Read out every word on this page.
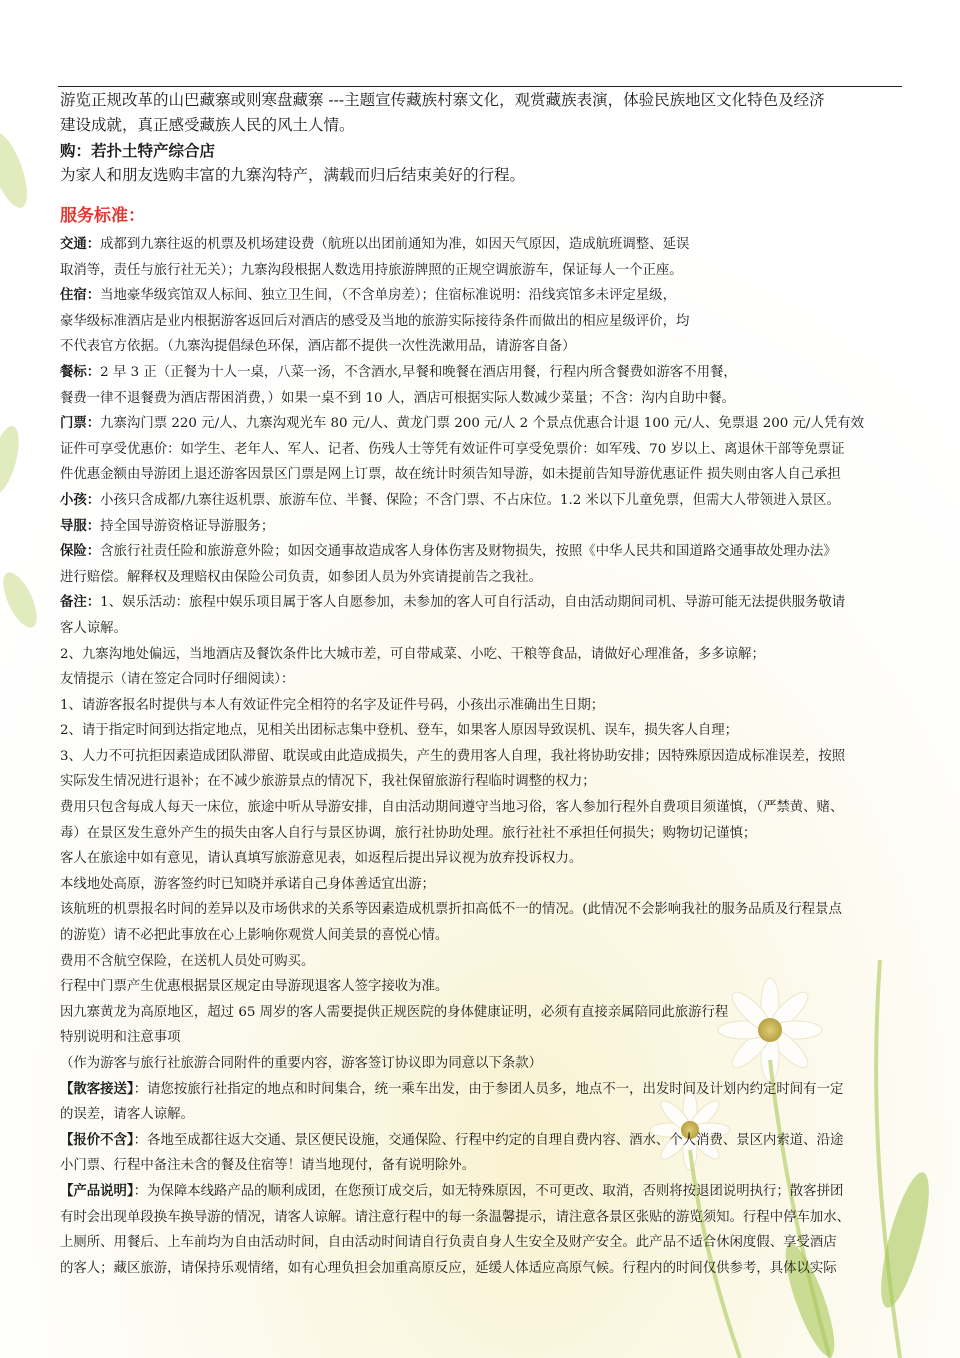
游览正规改革的山巴藏寨或则寒盘藏寨 ---主题宣传藏族村寨文化，观赏藏族表演，体验民族地区文化特色及经济

建设成就，真正感受藏族人民的风土人情。

购：若扑土特产综合店

为家人和朋友选购丰富的九寨沟特产，满载而归后结束美好的行程。

服务标准：

交通：成都到九寨往返的机票及机场建设费（航班以出团前通知为准，如因天气原因，造成航班调整、延误

取消等，责任与旅行社无关）；九寨沟段根据人数选用持旅游牌照的正规空调旅游车，保证每人一个正座。

住宿：当地豪华级宾馆双人标间、独立卫生间，（不含单房差）；住宿标准说明：沿线宾馆多未评定星级，

豪华级标准酒店是业内根据游客返回后对酒店的感受及当地的旅游实际接待条件而做出的相应星级评价，均

不代表官方依据。（九寨沟提倡绿色环保，酒店都不提供一次性洗漱用品，请游客自备）

餐标：2 早 3 正（正餐为十人一桌，八菜一汤，不含酒水,早餐和晚餐在酒店用餐，行程内所含餐费如游客不用餐，

餐费一律不退餐费为酒店帮困消费，）如果一桌不到 10 人，酒店可根据实际人数减少菜量；不含：沟内自助中餐。

门票：九寨沟门票 220 元/人、九寨沟观光车 80 元/人、黄龙门票 200 元/人 2 个景点优惠合计退 100 元/人、免票退 200 元/人凭有效

证件可享受优惠价：如学生、老年人、军人、记者、伤残人士等凭有效证件可享受免票价：如军残、70 岁以上、离退休干部等免票证

件优惠金额由导游团上退还游客因景区门票是网上订票，故在统计时须告知导游，如未提前告知导游优惠证件 损失则由客人自己承担

小孩：小孩只含成都/九寨往返机票、旅游车位、半餐、保险；不含门票、不占床位。1.2 米以下儿童免票，但需大人带领进入景区。

导服：持全国导游资格证导游服务；

保险：含旅行社责任险和旅游意外险；如因交通事故造成客人身体伤害及财物损失，按照《中华人民共和国道路交通事故处理办法》

进行赔偿。解释权及理赔权由保险公司负责，如参团人员为外宾请提前告之我社。

备注：1、娱乐活动：旅程中娱乐项目属于客人自愿参加，未参加的客人可自行活动，自由活动期间司机、导游可能无法提供服务敬请

客人谅解。

2、九寨沟地处偏远，当地酒店及餐饮条件比大城市差，可自带咸菜、小吃、干粮等食品，请做好心理准备，多多谅解；

友情提示（请在签定合同时仔细阅读）：

1、请游客报名时提供与本人有效证件完全相符的名字及证件号码，小孩出示准确出生日期；

2、请于指定时间到达指定地点，见相关出团标志集中登机、登车，如果客人原因导致误机、误车，损失客人自理；

3、人力不可抗拒因素造成团队滞留、耽误或由此造成损失，产生的费用客人自理，我社将协助安排；因特殊原因造成标准误差，按照

实际发生情况进行退补；在不减少旅游景点的情况下，我社保留旅游行程临时调整的权力；

费用只包含每成人每天一床位，旅途中听从导游安排，自由活动期间遵守当地习俗，客人参加行程外自费项目须谨慎，（严禁黄、赌、

毒）在景区发生意外产生的损失由客人自行与景区协调，旅行社协助处理。旅行社社不承担任何损失；购物切记谨慎；

客人在旅途中如有意见，请认真填写旅游意见表，如返程后提出异议视为放弃投诉权力。

本线地处高原，游客签约时已知晓并承诺自己身体善适宜出游；

该航班的机票报名时间的差异以及市场供求的关系等因素造成机票折扣高低不一的情况。(此情况不会影响我社的服务品质及行程景点

的游览）请不必把此事放在心上影响你观赏人间美景的喜悦心情。

费用不含航空保险，在送机人员处可购买。

行程中门票产生优惠根据景区规定由导游现退客人签字接收为准。

因九寨黄龙为高原地区，超过 65 周岁的客人需要提供正规医院的身体健康证明，必须有直接亲属陪同此旅游行程

特别说明和注意事项

（作为游客与旅行社旅游合同附件的重要内容，游客签订协议即为同意以下条款）

【散客接送】：请您按旅行社指定的地点和时间集合，统一乘车出发，由于参团人员多，地点不一，出发时间及计划内约定时间有一定

的误差，请客人谅解。

【报价不含】：各地至成都往返大交通、景区便民设施，交通保险、行程中约定的自理自费内容、酒水、个人消费、景区内索道、沿途

小门票、行程中备注未含的餐及住宿等！请当地现付，备有说明除外。

【产品说明】：为保障本线路产品的顺利成团，在您预订成交后，如无特殊原因，不可更改、取消，否则将按退团说明执行；散客拼团

有时会出现单段换车换导游的情况，请客人谅解。请注意行程中的每一条温馨提示，请注意各景区张贴的游览须知。行程中停车加水、

上厕所、用餐后、上车前均为自由活动时间，自由活动时间请自行负责自身人生安全及财产安全。此产品不适合休闲度假、享受酒店

的客人；藏区旅游，请保持乐观情绪，如有心理负担会加重高原反应，延缓人体适应高原气候。行程内的时间仅供参考，具体以实际
